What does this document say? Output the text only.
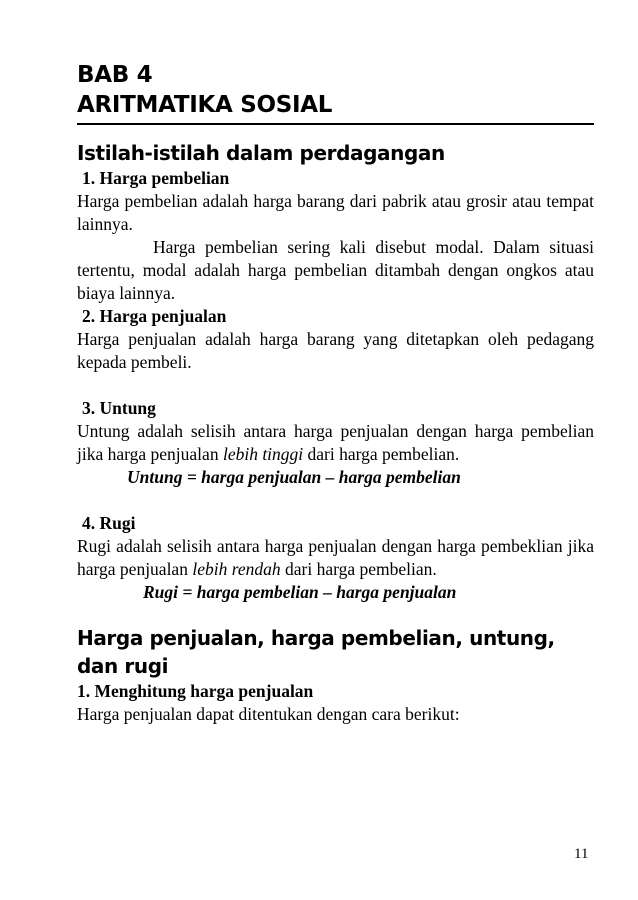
BAB 4
ARITMATIKA SOSIAL
Istilah-istilah dalam perdagangan
1. Harga pembelian

Harga pembelian adalah harga barang dari pabrik atau grosir atau tempat lainnya.

Harga pembelian sering kali disebut modal. Dalam situasi tertentu, modal adalah harga pembelian ditambah dengan ongkos atau biaya lainnya.

2. Harga penjualan

Harga penjualan adalah harga barang yang ditetapkan oleh pedagang kepada pembeli.

3. Untung

Untung adalah selisih antara harga penjualan dengan harga pembelian jika harga penjualan lebih tinggi dari harga pembelian.

Untung = harga penjualan – harga pembelian
4. Rugi

Rugi adalah selisih antara harga penjualan dengan harga pembeklian jika harga penjualan lebih rendah dari harga pembelian.

Rugi = harga pembelian – harga penjualan
Harga penjualan, harga pembelian, untung, dan rugi
1. Menghitung harga penjualan

Harga penjualan dapat ditentukan dengan cara berikut:

11
